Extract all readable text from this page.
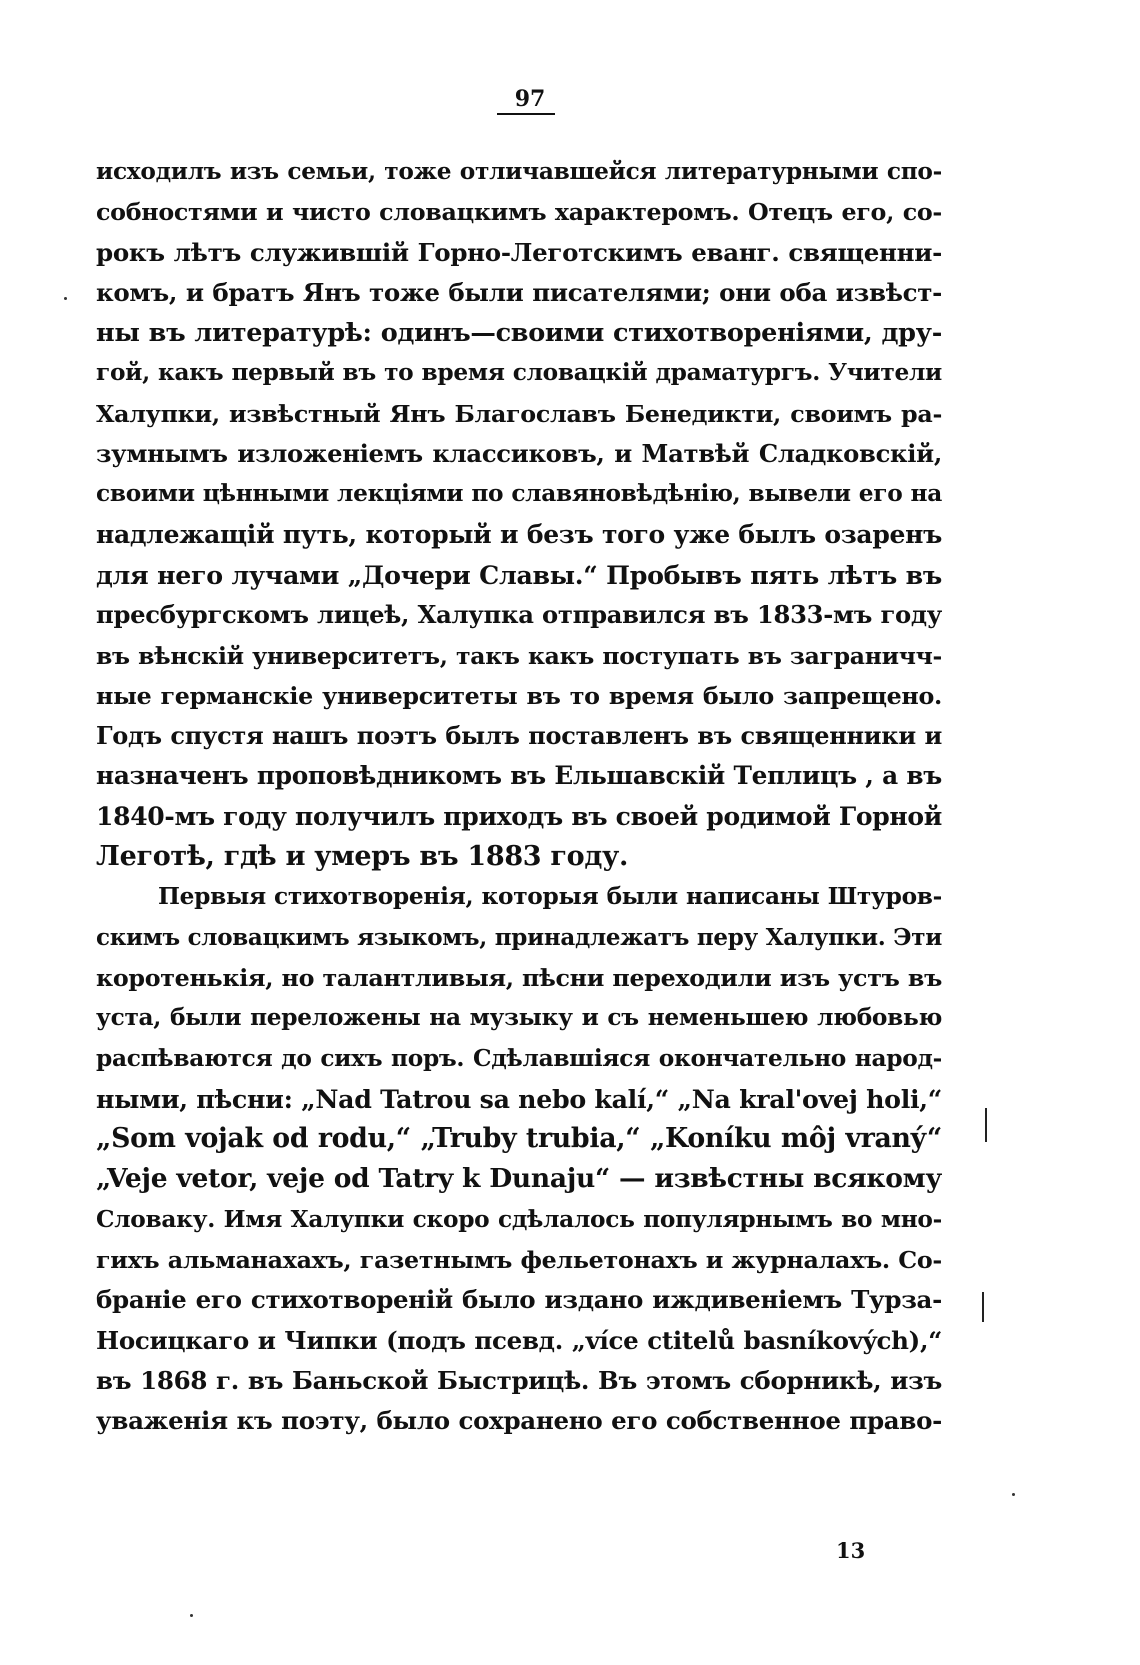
97
исходилъ изъ семьи, тоже отличавшейся литературными спо-
собностями и чисто словацкимъ характеромъ. Отецъ его, со-
рокъ лѣтъ служившій Горно-Леготскимъ еванг. священни-
комъ, и братъ Янъ тоже были писателями; они оба извѣст-
ны въ литературѣ: одинъ—своими стихотвореніями, дру-
гой, какъ первый въ то время словацкій драматургъ. Учители
Халупки, извѣстный Янъ Благославъ Бенедикти, своимъ ра-
зумнымъ изложеніемъ классиковъ, и Матвѣй Сладковскій,
своими цѣнными лекціями по славяновѣдѣнію, вывели его на
надлежащій путь, который и безъ того уже былъ озаренъ
для него лучами „Дочери Славы.“ Пробывъ пять лѣтъ въ
пресбургскомъ лицеѣ, Халупка отправился въ 1833-мъ году
въ вѣнскій университетъ, такъ какъ поступать въ заграничч-
ные германскіе университеты въ то время было запрещено.
Годъ спустя нашъ поэтъ былъ поставленъ въ священники и
назначенъ проповѣдникомъ въ Ельшавскій Теплицъ , а въ
1840-мъ году получилъ приходъ въ своей родимой Горной
Леготѣ, гдѣ и умеръ въ 1883 году.
Первыя стихотворенія, которыя были написаны Штуров-
скимъ словацкимъ языкомъ, принадлежатъ перу Халупки. Эти
коротенькія, но талантливыя, пѣсни переходили изъ устъ въ
уста, были переложены на музыку и съ неменьшею любовью
распѣваются до сихъ поръ. Сдѣлавшіяся окончательно народ-
ными, пѣсни: „Nad Tatrou sa nebo kalí,“ „Na kral'ovej holi,“
„Som vojak od rodu,“ „Truby trubia,“ „Koníku môj vraný“
„Veje vetor, veje od Tatry k Dunaju“ — извѣстны всякому
Словаку. Имя Халупки скоро сдѣлалось популярнымъ во мно-
гихъ альманахахъ, газетнымъ фельетонахъ и журналахъ. Со-
браніе его стихотвореній было издано иждивеніемъ Турза-
Носицкаго и Чипки (подъ псевд. „více ctitelů basníkových),“
въ 1868 г. въ Баньской Быстрицѣ. Въ этомъ сборникѣ, изъ
уваженія къ поэту, было сохранено его собственное право-
13
